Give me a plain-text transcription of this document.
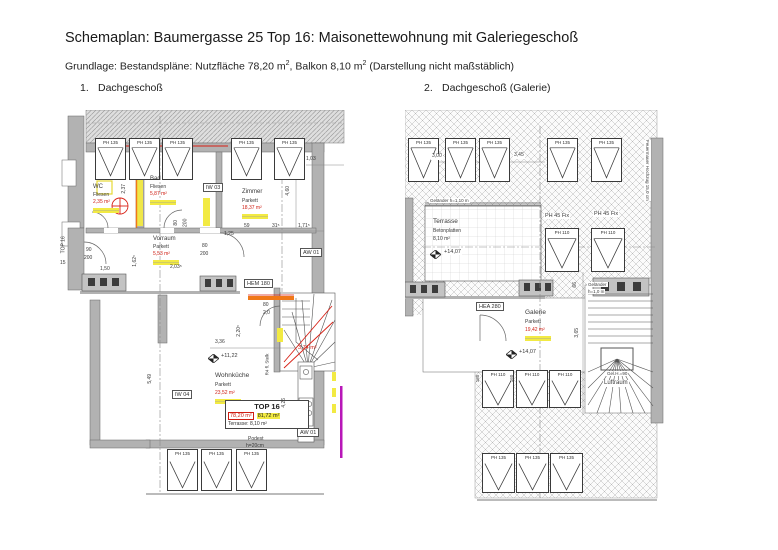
Schemaplan: Baumergasse 25 Top 16: Maisonettewohnung mit Galeriegeschoß
Grundlage: Bestandspläne: Nutzfläche 78,20 $m^2$, Balkon 8,10 $m^2$ (Darstellung nicht maßstäblich)
1. Dachgeschoß	2. Dachgeschoß (Galerie)
PH 135	PH 135	PH 135	PH 135	PH 135
PH 135	PH 135	PH 135
WC
Fliesen
2,35 m²
Bad
Fliesen
5,87 m²
IW 03
Zimmer
Parkett
18,37 m²
Vorraum
Parkett
5,53 m²
Wohnküche
Parkett
23,52 m²
3,74 m²
R4 fl. Stelk
HEM 180
AW 01
AW 01
IW 04
TOP 16
78,20 m²	81,72 m²
Terrasse: 8,10 m²
Podest
h=20cm
TOP 16
+11,22
2,37	4,60
1,03
59	31⁵	1,71⁵
1,25
80 200
80
200
90
200
15
1,50
1,62⁵
2,03⁵
3,36
2,20⁵
5,49
4,26
80
2,0
PH 135	PH 135	PH 135	PH 135	PH 135
PH 110	PH 110
PH 110	PH 110	PH 110
PH 135	PH 135	PH 135
Geländer h=1,10 m
Terrasse
Betonplatten
8,10 m²
+14,07
PH 45 Fix	PH 45 Fix
Feuermauer Hochzug 15,0 cm
Geländer
h=1,0 m
HEA 280
Galerie
Parkett
19,42 m²
+14,07
Gel.H.=90
Luftraum
3,00	3,45
66
3,65
160	160
